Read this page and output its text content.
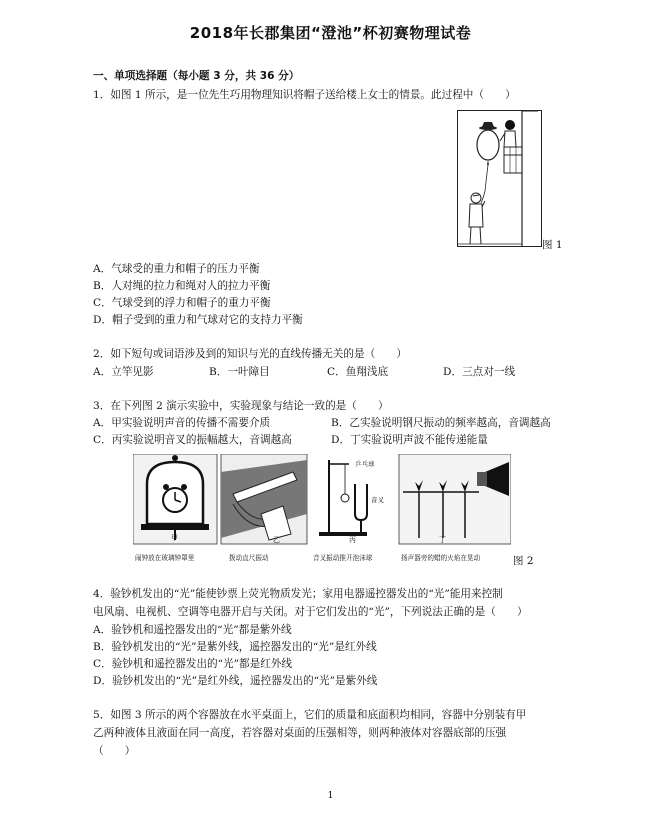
2018年长郡集团“澄池”杯初赛物理试卷
一、单项选择题（每小题 3 分，共 36 分）
1．如图 1 所示，是一位先生巧用物理知识将帽子送给楼上女士的情景。此过程中（　　）
图 1
A．气球受的重力和帽子的压力平衡
B．人对绳的拉力和绳对人的拉力平衡
C．气球受到的浮力和帽子的重力平衡
D．帽子受到的重力和气球对它的支持力平衡
2．如下短句或词语涉及到的知识与光的直线传播无关的是（　　）
A．立竿见影	B．一叶障目	C．鱼翔浅底	D．三点对一线
3．在下列图 2 演示实验中，实验现象与结论一致的是（　　）
A．甲实验说明声音的传播不需要介质	B．乙实验说明钢尺振动的频率越高，音调越高
C．丙实验说明音叉的振幅越大，音调越高	D．丁实验说明声波不能传递能量
甲	乙
乒乓球
音叉
丙	丁
闹钟放在玻璃钟罩里	拨动直尺振动	音叉振动推开泡沫球	扬声器旁的蜡的火焰在晃动	图 2
4．验钞机发出的“光”能使钞票上荧光物质发光；家用电器遥控器发出的“光”能用来控制
电风扇、电视机、空调等电器开启与关闭。对于它们发出的“光”，下列说法正确的是（　　）
A．验钞机和遥控器发出的“光”都是紫外线
B．验钞机发出的“光”是紫外线，遥控器发出的“光”是红外线
C．验钞机和遥控器发出的“光”都是红外线
D．验钞机发出的“光”是红外线，遥控器发出的“光”是紫外线
5．如图 3 所示的两个容器放在水平桌面上，它们的质量和底面积均相同，容器中分别装有甲
乙两种液体且液面在同一高度，若容器对桌面的压强相等，则两种液体对容器底部的压强
（　　）
1
